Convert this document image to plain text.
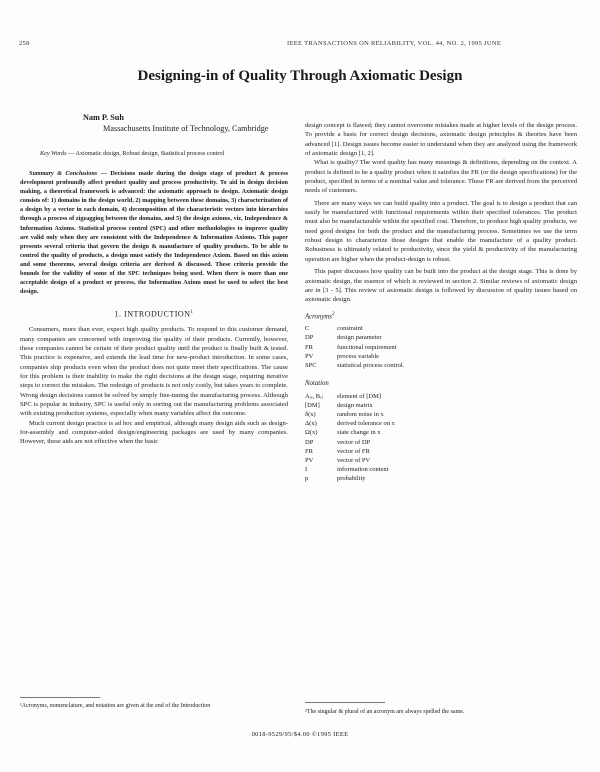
258	IEEE TRANSACTIONS ON RELIABILITY, VOL. 44, NO. 2, 1995 JUNE
Designing-in of Quality Through Axiomatic Design
Nam P. Suh
Massachusetts Institute of Technology, Cambridge
Key Words — Axiomatic design, Robust design, Statistical process control

Summary & Conclusions — Decisions made during the design stage of product & process development profoundly affect product quality and process productivity. To aid in design decision making, a theoretical framework is advanced: the axiomatic approach to design. Axiomatic design consists of: 1) domains in the design world, 2) mapping between these domains, 3) characterization of a design by a vector in each domain, 4) decomposition of the characteristic vectors into hierarchies through a process of zigzagging between the domains, and 5) the design axioms, viz, Independence & Information Axioms. Statistical process control (SPC) and other methodologies to improve quality are valid only when they are consistent with the Independence & Information Axioms. This paper presents several criteria that govern the design & manufacture of quality products. To be able to control the quality of products, a design must satisfy the Independence Axiom. Based on this axiom and some theorems, several design criteria are derived & discussed. These criteria provide the bounds for the validity of some of the SPC techniques being used. When there is more than one acceptable design of a product or process, the Information Axiom must be used to select the best design.

1. INTRODUCTION$^1$

Consumers, more than ever, expect high quality products. To respond to this customer demand, many companies are concerned with improving the quality of their products. Currently, however, these companies cannot be certain of their product quality until the product is finally built & tested. This practice is expensive, and extends the lead time for new-product introduction. In some cases, companies ship products even when the product does not quite meet their specifications. The cause for this problem is their inability to make the right decisions at the design stage, requiring iterative steps to correct the mistakes. The redesign of products is not only costly, but takes years to complete. Wrong design decisions cannot be solved by simply fine-tuning the manufacturing process. Although SPC is popular in industry, SPC is useful only in sorting out the manufacturing problems associated with existing production systems, especially when many variables affect the outcome.

Much current design practice is ad hoc and empirical, although many design aids such as design-for-assembly and computer-aided design/engineering packages are used by many companies. However, these aids are not effective when the basic

design concept is flawed; they cannot overcome mistakes made at higher levels of the design process. To provide a basis for correct design decisions, axiomatic design principles & theories have been advanced [1]. Design issues become easier to understand when they are analyzed using the framework of axiomatic design [1, 2].

What is quality? The word quality has many meanings & definitions, depending on the context. A product is defined to be a quality product when it satisfies the FR (or the design specifications) for the product, specified in terms of a nominal value and tolerance. These FR are derived from the perceived needs of customers.

There are many ways we can build quality into a product. The goal is to design a product that can easily be manufactured with functional requirements within their specified tolerances. The product must also be manufacturable within the specified cost. Therefore, to produce high quality products, we need good designs for both the product and the manufacturing process. Sometimes we use the term robust design to characterize those designs that enable the manufacture of a quality product. Robustness is ultimately related to productivity, since the yield & productivity of the manufacturing operation are higher when the product-design is robust.

This paper discusses how quality can be built into the product at the design stage. This is done by axiomatic design, the essence of which is reviewed in section 2. Similar reviews of axiomatic design are in [3 - 5]. This review of axiomatic design is followed by discussion of quality issues based on axiomatic design.

Acronyms$^2$
C	constraint
DP	design parameter
FR	functional requirement
PV	process variable
SPC	statistical process control.
Notation
Aᵢⱼ, Bᵢⱼ	element of [DM]
[DM]	design matrix
δ(x)	random noise in x
Δ(x)	derived tolerance on x
Ω(x)	state change in x
DP	vector of DP
FR	vector of FR
PV	vector of PV
I	information content
p	probability
¹Acronyms, nomenclature, and notation are given at the end of the Introduction
²The singular & plural of an acronym are always spelled the same.
0018-9529/95/$4.00 ©1995 IEEE
